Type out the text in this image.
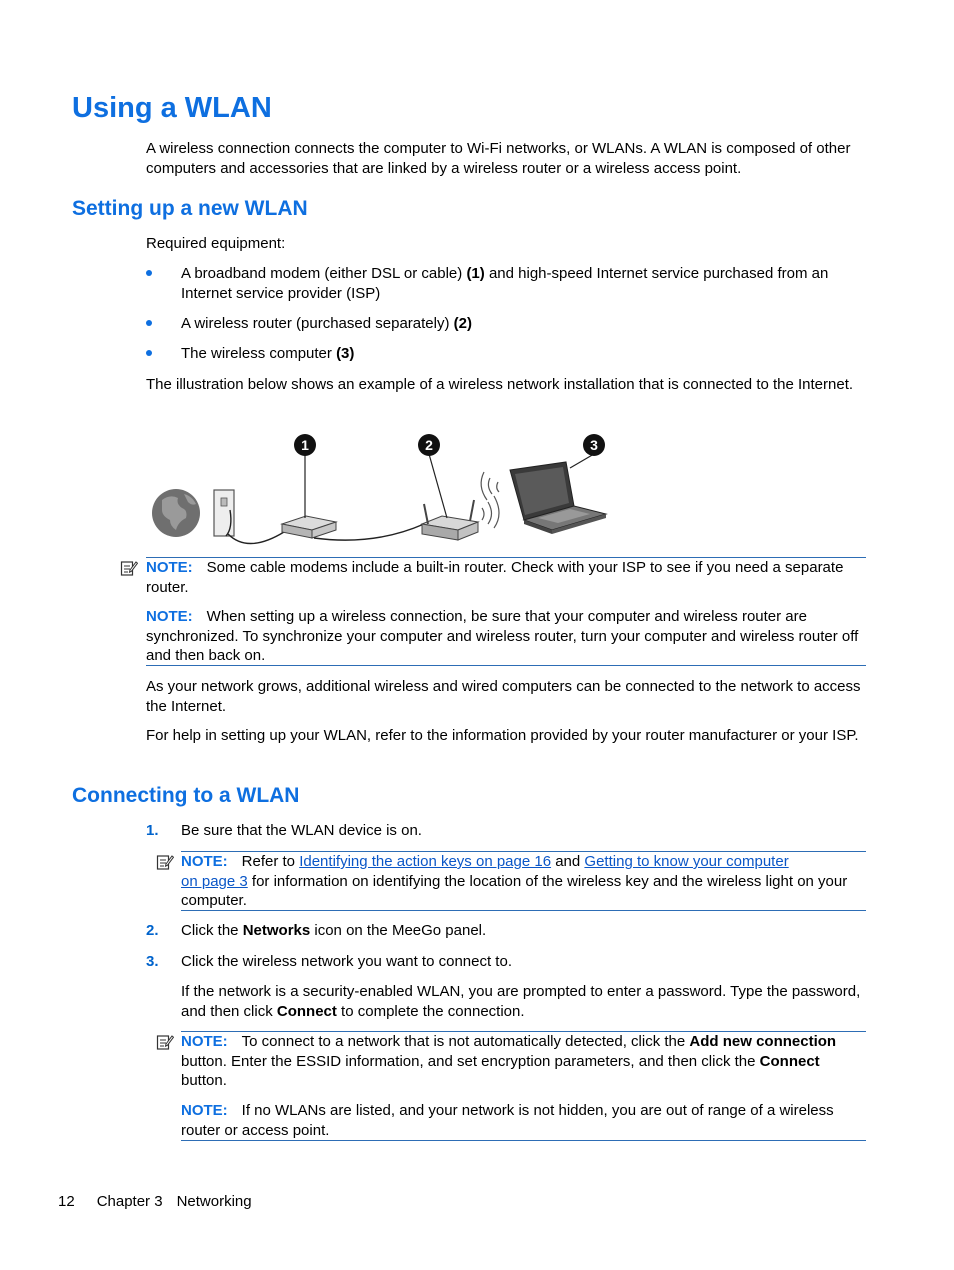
Using a WLAN

A wireless connection connects the computer to Wi-Fi networks, or WLANs. A WLAN is composed of other computers and accessories that are linked by a wireless router or a wireless access point.

Setting up a new WLAN

Required equipment:

A broadband modem (either DSL or cable) (1) and high-speed Internet service purchased from an Internet service provider (ISP)

A wireless router (purchased separately) (2)

The wireless computer (3)

The illustration below shows an example of a wireless network installation that is connected to the Internet.

1	2	3

NOTE: Some cable modems include a built-in router. Check with your ISP to see if you need a separate router.

NOTE: When setting up a wireless connection, be sure that your computer and wireless router are synchronized. To synchronize your computer and wireless router, turn your computer and wireless router off and then back on.

As your network grows, additional wireless and wired computers can be connected to the network to access the Internet.

For help in setting up your WLAN, refer to the information provided by your router manufacturer or your ISP.

Connecting to a WLAN
1. Be sure that the WLAN device is on.

NOTE: Refer to Identifying the action keys on page 16 and Getting to know your computer
on page 3 for information on identifying the location of the wireless key and the wireless light on your computer.

2. Click the Networks icon on the MeeGo panel.

3. Click the wireless network you want to connect to.

If the network is a security-enabled WLAN, you are prompted to enter a password. Type the password, and then click Connect to complete the connection.

NOTE: To connect to a network that is not automatically detected, click the Add new connection button. Enter the ESSID information, and set encryption parameters, and then click the Connect button.

NOTE: If no WLANs are listed, and your network is not hidden, you are out of range of a wireless router or access point.

12 Chapter 3 Networking
